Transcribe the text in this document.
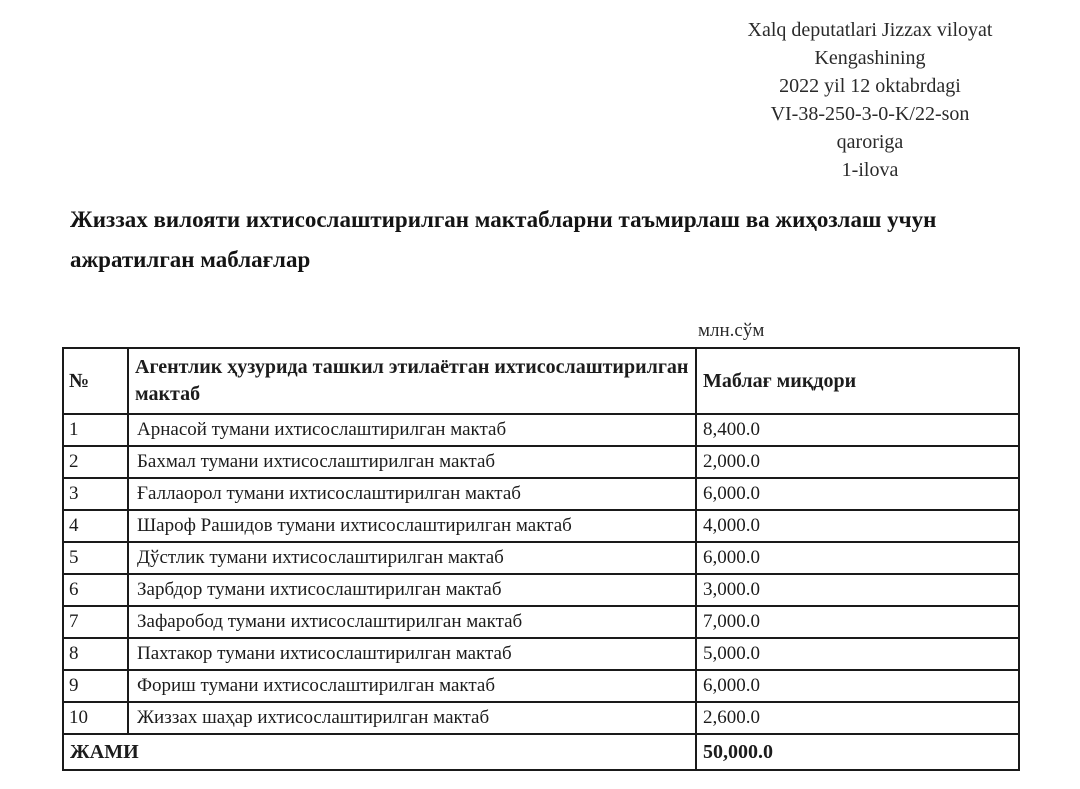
Xalq deputatlari Jizzax viloyat
Kengashining
2022 yil 12 oktabrdagi
VI-38-250-3-0-K/22-son
qaroriga
1-ilova
Жиззах вилояти ихтисослаштирилган мактабларни таъмирлаш ва жиҳозлаш учун ажратилган маблағлар
млн.сўм
№	Агентлик ҳузурида ташкил этилаётган ихтисослаштирилган мактаб	Маблағ миқдори
1	Арнасой тумани ихтисослаштирилган мактаб	8,400.0
2	Бахмал тумани ихтисослаштирилган мактаб	2,000.0
3	Ғаллаорол тумани ихтисослаштирилган мактаб	6,000.0
4	Шароф Рашидов тумани ихтисослаштирилган мактаб	4,000.0
5	Дўстлик тумани ихтисослаштирилган мактаб	6,000.0
6	Зарбдор тумани ихтисослаштирилган мактаб	3,000.0
7	Зафаробод тумани ихтисослаштирилган мактаб	7,000.0
8	Пахтакор тумани ихтисослаштирилган мактаб	5,000.0
9	Фориш тумани ихтисослаштирилган мактаб	6,000.0
10	Жиззах шаҳар ихтисослаштирилган мактаб	2,600.0
ЖАМИ		50,000.0
